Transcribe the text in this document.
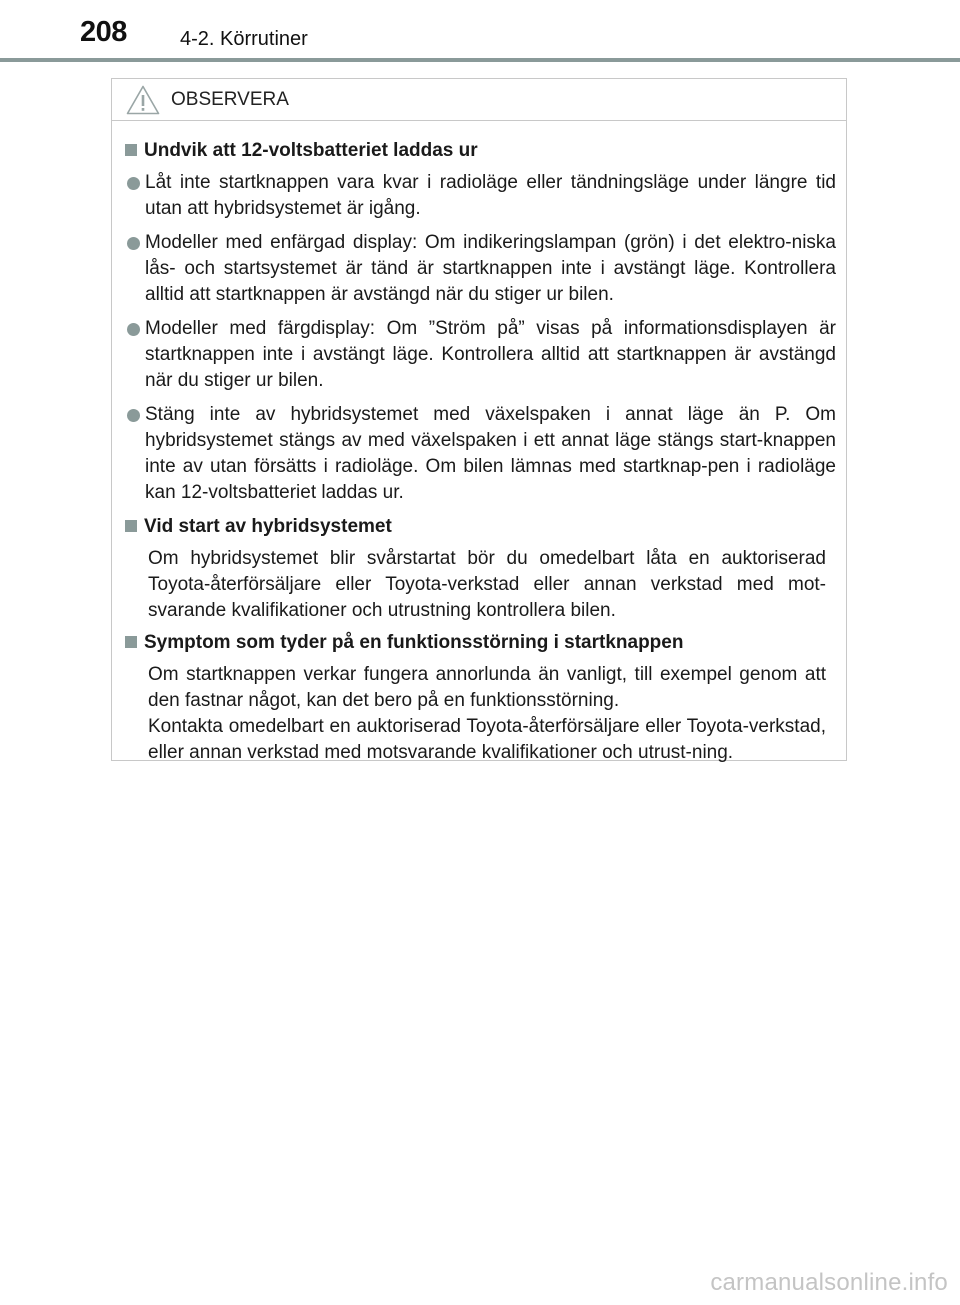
208	4-2. Körrutiner
OBSERVERA
Undvik att 12-voltsbatteriet laddas ur
Låt inte startknappen vara kvar i radioläge eller tändningsläge under längre tid utan att hybridsystemet är igång.
Modeller med enfärgad display: Om indikeringslampan (grön) i det elektro-niska lås- och startsystemet är tänd är startknappen inte i avstängt läge. Kontrollera alltid att startknappen är avstängd när du stiger ur bilen.
Modeller med färgdisplay: Om ”Ström på” visas på informationsdisplayen är startknappen inte i avstängt läge. Kontrollera alltid att startknappen är avstängd när du stiger ur bilen.
Stäng inte av hybridsystemet med växelspaken i annat läge än P. Om hybridsystemet stängs av med växelspaken i ett annat läge stängs start-knappen inte av utan försätts i radioläge. Om bilen lämnas med startknap-pen i radioläge kan 12-voltsbatteriet laddas ur.
Vid start av hybridsystemet
Om hybridsystemet blir svårstartat bör du omedelbart låta en auktoriserad Toyota-återförsäljare eller Toyota-verkstad eller annan verkstad med mot-svarande kvalifikationer och utrustning kontrollera bilen.
Symptom som tyder på en funktionsstörning i startknappen
Om startknappen verkar fungera annorlunda än vanligt, till exempel genom att den fastnar något, kan det bero på en funktionsstörning.
Kontakta omedelbart en auktoriserad Toyota-återförsäljare eller Toyota-verkstad, eller annan verkstad med motsvarande kvalifikationer och utrust-ning.
carmanualsonline.info
